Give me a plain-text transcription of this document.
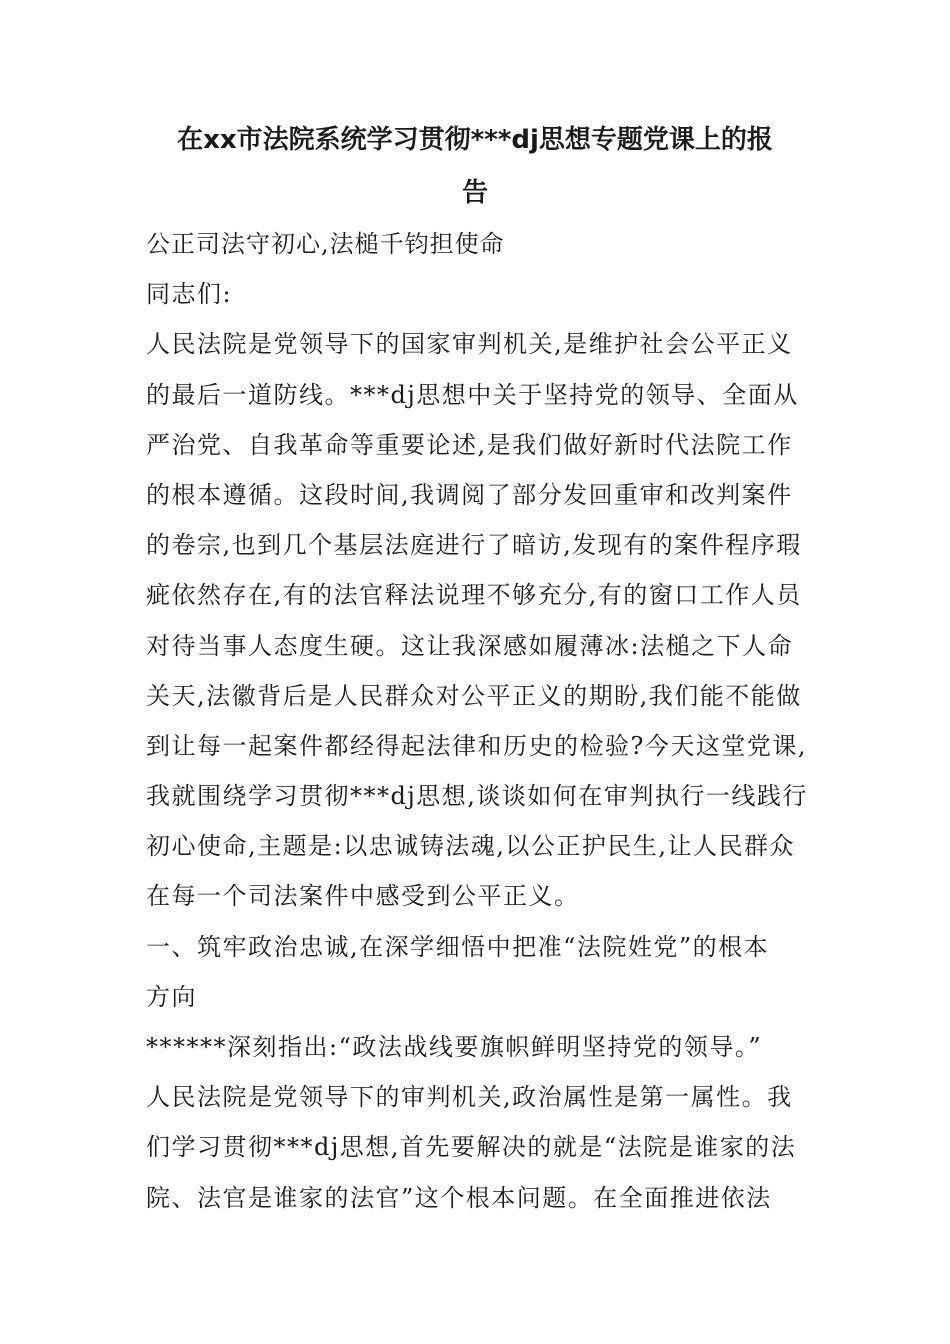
在xx市法院系统学习贯彻***dj思想专题党课上的报
告
公正司法守初心,法槌千钧担使命
同志们:
人民法院是党领导下的国家审判机关,是维护社会公平正义
的最后一道防线。***dj思想中关于坚持党的领导、全面从
严治党、自我革命等重要论述,是我们做好新时代法院工作
的根本遵循。这段时间,我调阅了部分发回重审和改判案件
的卷宗,也到几个基层法庭进行了暗访,发现有的案件程序瑕
疵依然存在,有的法官释法说理不够充分,有的窗口工作人员
对待当事人态度生硬。这让我深感如履薄冰:法槌之下人命
关天,法徽背后是人民群众对公平正义的期盼,我们能不能做
到让每一起案件都经得起法律和历史的检验?今天这堂党课,
我就围绕学习贯彻***dj思想,谈谈如何在审判执行一线践行
初心使命,主题是:以忠诚铸法魂,以公正护民生,让人民群众
在每一个司法案件中感受到公平正义。
一、筑牢政治忠诚,在深学细悟中把准“法院姓党”的根本
方向
******深刻指出:“政法战线要旗帜鲜明坚持党的领导。”
人民法院是党领导下的审判机关,政治属性是第一属性。我
们学习贯彻***dj思想,首先要解决的就是“法院是谁家的法
院、法官是谁家的法官”这个根本问题。在全面推进依法
